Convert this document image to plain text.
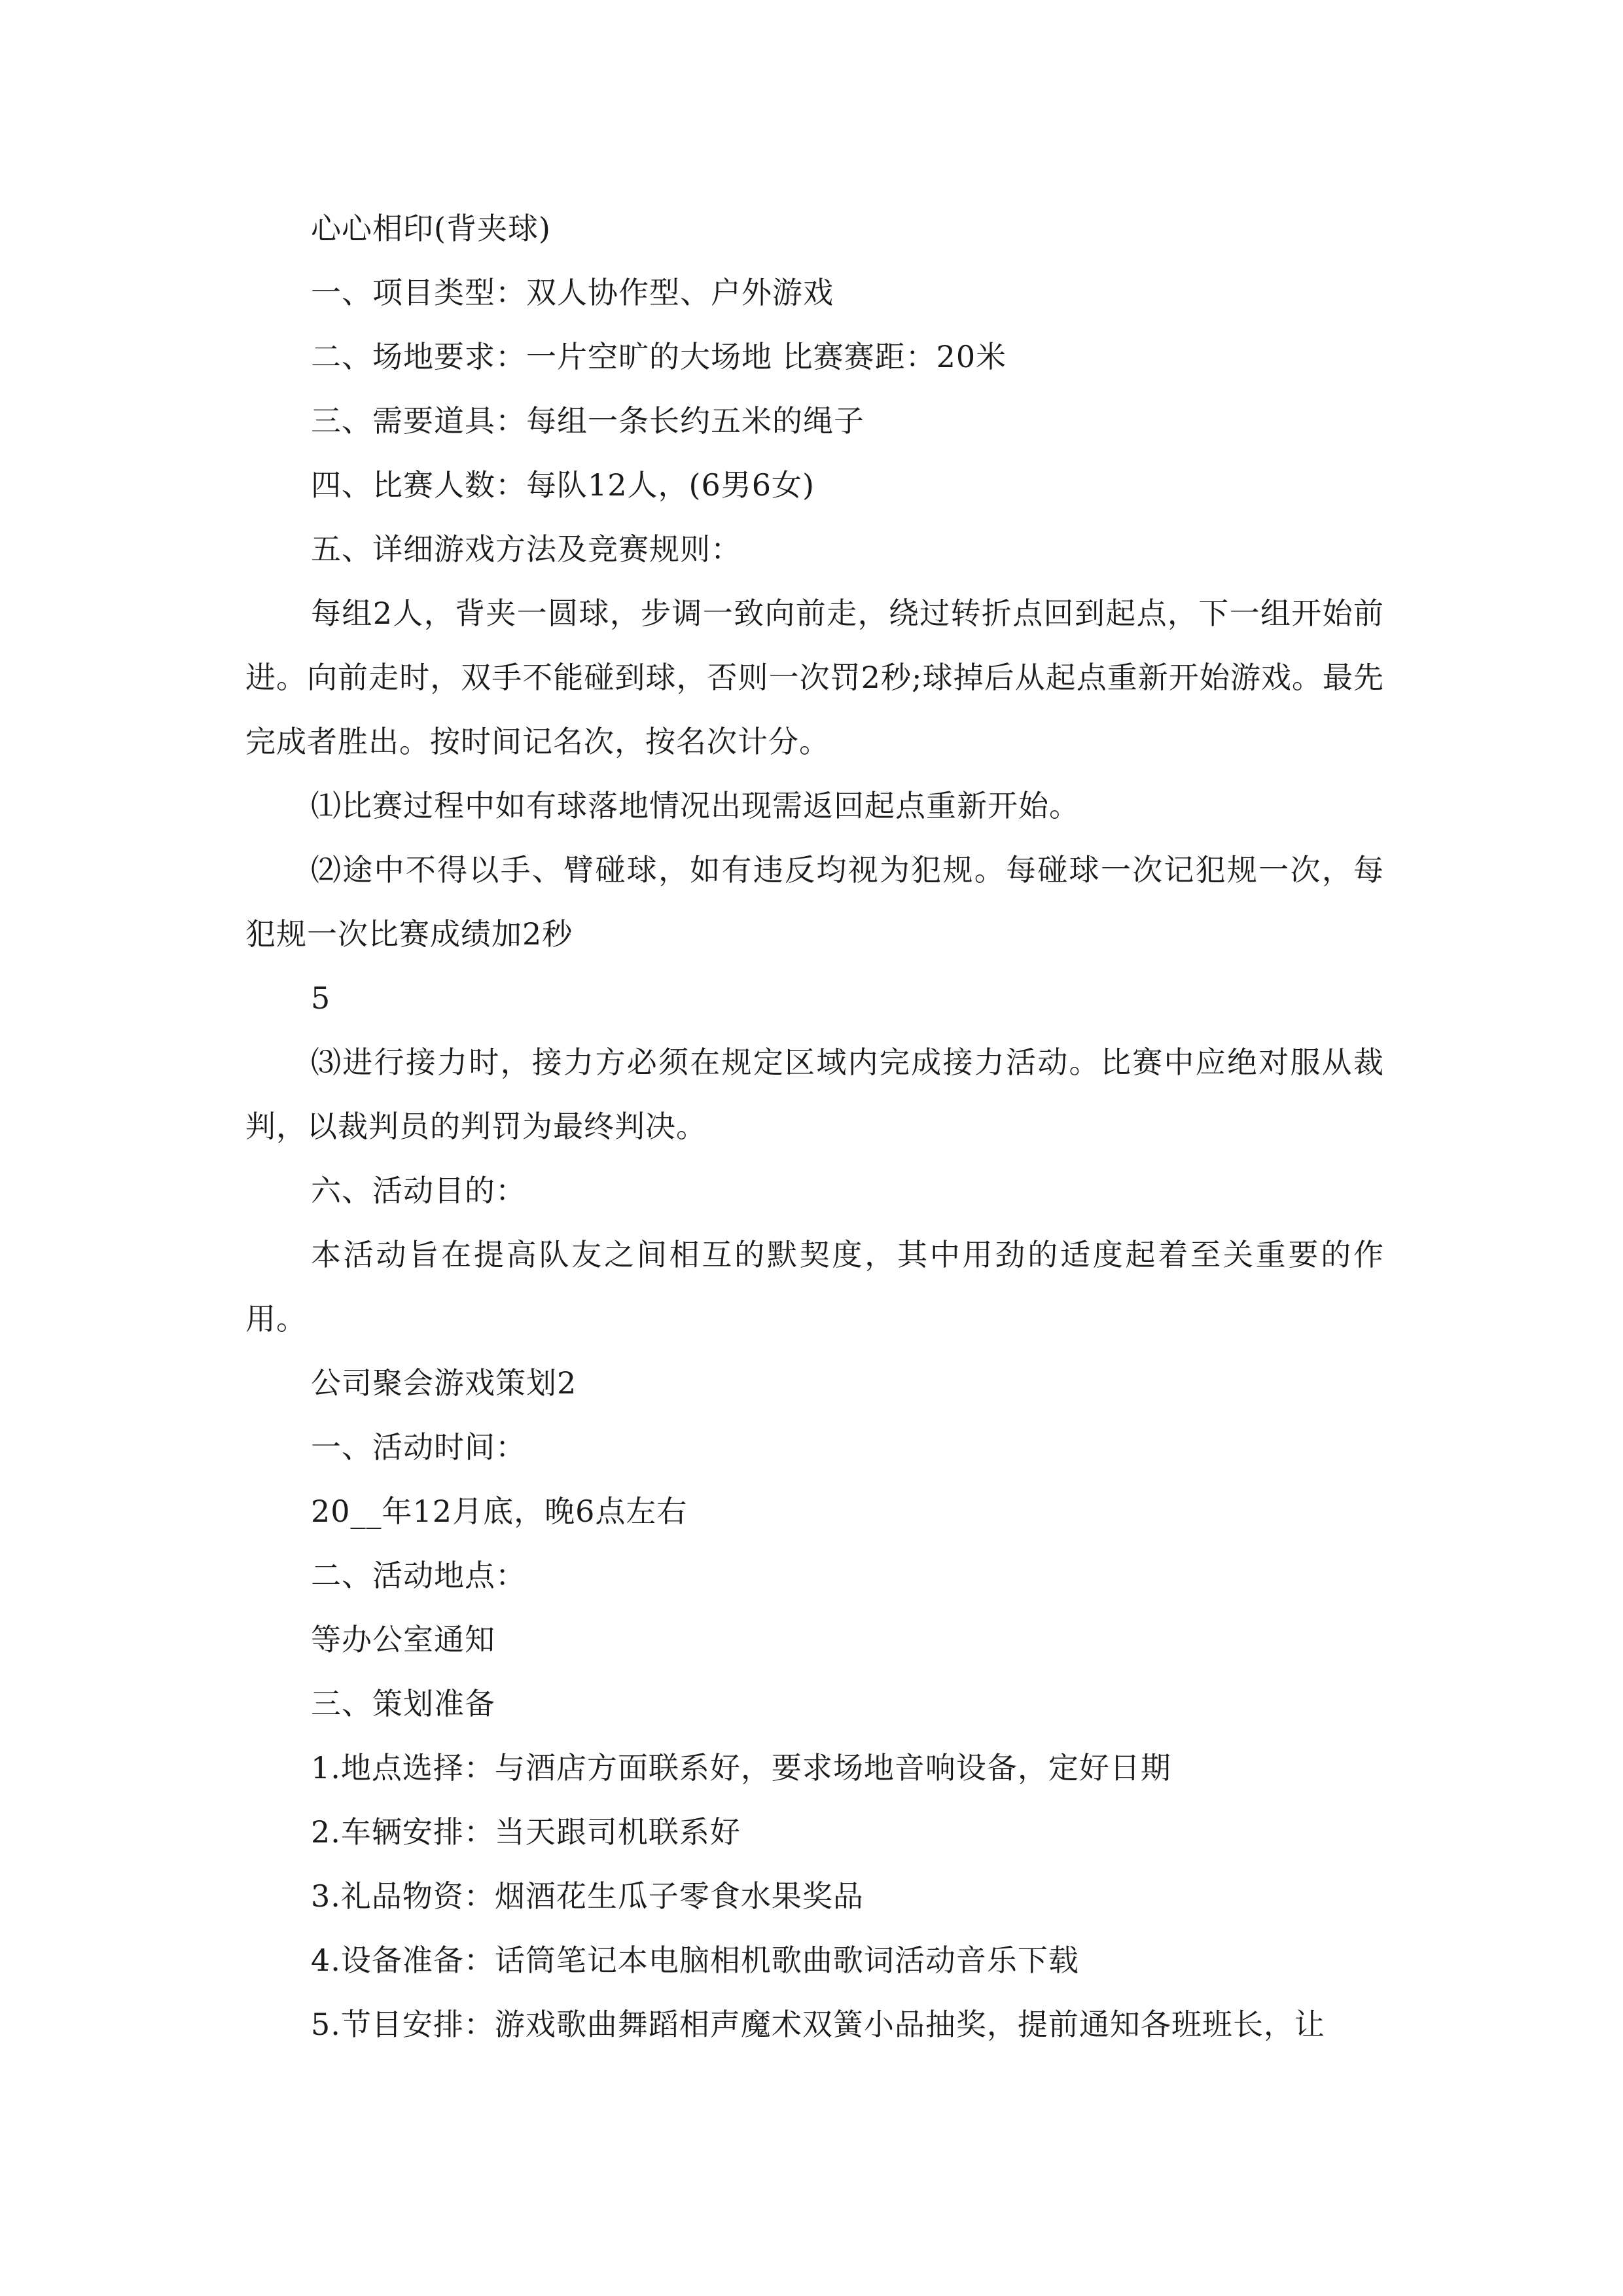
心心相印(背夹球)

一、项目类型：双人协作型、户外游戏

二、场地要求：一片空旷的大场地 比赛赛距：20米

三、需要道具：每组一条长约五米的绳子

四、比赛人数：每队12人，(6男6女)

五、详细游戏方法及竞赛规则：

每组2人，背夹一圆球，步调一致向前走，绕过转折点回到起点，下一组开始前进。向前走时，双手不能碰到球，否则一次罚2秒;球掉后从起点重新开始游戏。最先完成者胜出。按时间记名次，按名次计分。

⑴比赛过程中如有球落地情况出现需返回起点重新开始。

⑵途中不得以手、臂碰球，如有违反均视为犯规。每碰球一次记犯规一次，每犯规一次比赛成绩加2秒

5

⑶进行接力时，接力方必须在规定区域内完成接力活动。比赛中应绝对服从裁判，以裁判员的判罚为最终判决。

六、活动目的：

本活动旨在提高队友之间相互的默契度，其中用劲的适度起着至关重要的作用。

公司聚会游戏策划2

一、活动时间：

20__年12月底，晚6点左右

二、活动地点：

等办公室通知

三、策划准备

1.地点选择：与酒店方面联系好，要求场地音响设备，定好日期

2.车辆安排：当天跟司机联系好

3.礼品物资：烟酒花生瓜子零食水果奖品

4.设备准备：话筒笔记本电脑相机歌曲歌词活动音乐下载

5.节目安排：游戏歌曲舞蹈相声魔术双簧小品抽奖，提前通知各班班长，让
